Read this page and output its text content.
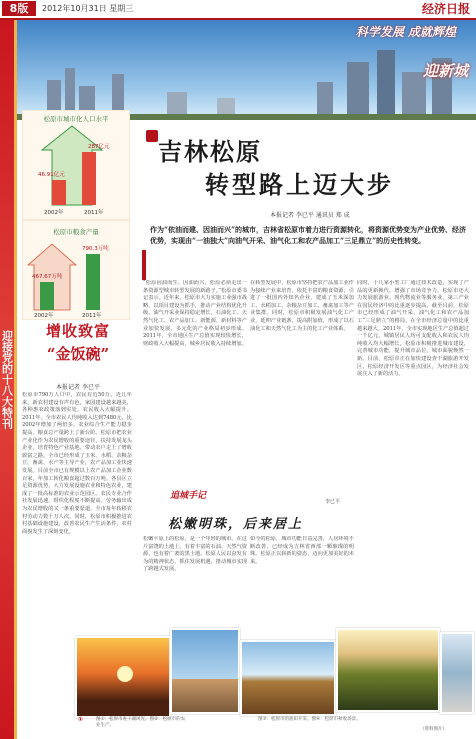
8版	2012年10月31日 星期三	经济日报
迎接党的十八大特刊
科学发展 成就辉煌
迎新城
松原市城市化人口水平
46.91亿元
287亿元
2002年	2011年
松原市粮食产量
467.67万吨
790.3万吨
2002年	2011年
增收致富
“金饭碗”
本报记者 李已平
松原市790万人口中，农民有近50万。近几年来，新农村建设有声有色，家园建设越来越美，各种惠农政策落到实处，农民收入大幅提升。2011年，全市农民人均纯收入达到7480元，比2002年增加了两倍多。农业综合生产能力稳步提高，粮食总产量跨上了新台阶。松原市把农业产业化作为农民增收的重要途径，扶持发展龙头企业，培育特色产业基地，带动农户走上了增收致富之路。全市已经形成了玉米、水稻、杂粮杂豆、畜禽、水产等主导产业，农产品加工业快速发展。目前全市已有规模以上农产品加工企业数百家，年加工转化粮食超过数百万吨。各县区立足资源优势，大力发展设施农业和特色农业，建成了一批高标准的农业示范园区。农民专业合作社发展迅速，组织化程度不断提高。劳务输出成为农民增收的又一条重要渠道，全市每年转移农村劳动力数十万人次。同时，松原市积极推进农村基础设施建设，改善农民生产生活条件，农村面貌发生了深刻变化。
吉林松原
转型路上迈大步
本报记者 李已平 通讯员 郑 成
作为“依油而建、因油而兴”的城市，吉林省松原市着力进行资源转化，将资源优势变为产业优势、经济优势，实现由“一油独大”向油气开采、油气化工和农产品加工“三足鼎立”的历史性转变。
“松原因油而生、因油而兴，松原必须走出一条资源型城市转型发展的新路子。”松原市委书记表示。近年来，松原市大力实施工业强市战略，以项目建设为抓手，推动产业结构优化升级。油气开采业保持稳定增长，石油化工、天然气化工、农产品加工、新能源、新材料等产业加快发展，多元化的产业格局初步形成。2011年，全市地区生产总值实现较快增长，财政收入大幅提高，城乡居民收入持续增加。
在转型发展中，松原市坚持把农产品加工业作为接续产业来培育，依托丰富的粮食资源，引进了一批国内外知名企业，建成了玉米深加工、水稻加工、杂粮杂豆加工、畜禽加工等产业集群。同时，松原市积极发展油气化工产业，延伸产业链条，提高附加值，形成了以石油化工和天然气化工为主的化工产业体系。
同时，十几家小型工厂通过技术改造，实现了产品的更新换代，增强了市场竞争力。松原市还大力发展旅游业、现代物流业等服务业，第三产业在国民经济中的比重逐步提高。截至目前，松原市已经形成了油气开采、油气化工和农产品加工“三足鼎立”的格局，在全市经济总量中的比重越来越大。2011年，全市实现地区生产总值超过一千亿元，城镇居民人均可支配收入和农民人均纯收入均大幅增长。松原市积极推进城市建设，完善城市功能，提升城市品位，城市面貌焕然一新。目前，松原市正在加快建设查干湖旅游开发区、松原经济开发区等重点园区，为经济社会发展注入了新的活力。
追城手记
李已平
松嫩明珠，后来居上
松嫩平原上的松原，是一个年轻的城市。在这片富饶的土地上，有着丰富的石油、天然气资源，也有着广袤的黑土地。松原人民以奋发有为的精神状态，抓住发展机遇，推动城市实现了跨越式发展。
如今的松原，城市功能日益完善，人居环境不断改善，已经成为吉林省西部一颗璀璨的明珠。松原正以崭新的姿态，迈向更加美好的未来。
①	图①：松原市查干湖风光。图②：松原市的农业生产。
图③：松原市的油田开采。图④：松原市秋收场景。
（资料图片）
